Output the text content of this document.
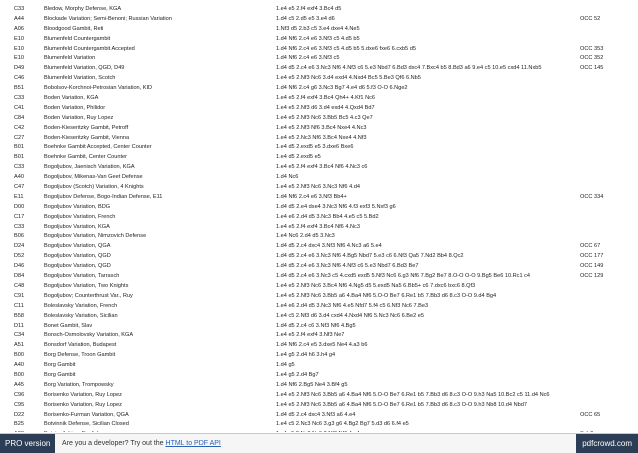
C33	Bledow, Morphy Defense, KGA	1.e4 e5 2.f4 exf4 3.Bc4 d5
A44	Blockade Variation; Semi-Benoni; Russian Variation	1.d4 c5 2.d5 e5 3.e4 d6	OCC 52
A06	Bloodgood Gambit, Reti	1.Nf3 d5 2.b3 c5 3.e4 dxe4 4.Ne5
E10	Blumenfeld Countergambit	1.d4 Nf6 2.c4 e6 3.Nf3 c5 4.d5 b5
E10	Blumenfeld Countergambit Accepted	1.d4 Nf6 2.c4 e6 3.Nf3 c5 4.d5 b5 5.dxe6 fxe6 6.cxb5 d5	OCC 353
E10	Blumenfeld Variation	1.d4 Nf6 2.c4 e6 3.Nf3 c5	OCC 352
D49	Blumenfeld Variation, QGD, D49	1.d4 d5 2.c4 e6 3.Nc3 Nf6 4.Nf3 c6 5.e3 Nbd7 6.Bd3 dxc4 7.Bxc4 b5 8.Bd3 a6 9.e4 c5 10.e5 cxd4 11.Nxb5	OCC 145
C46	Blumenfeld Variation, Scotch	1.e4 e5 2.Nf3 Nc6 3.d4 exd4 4.Nxd4 Bc5 5.Be3 Qf6 6.Nb5
B51	Bobolsov-Korchnoi-Petrosian Variation, KID	1.d4 Nf6 2.c4 g6 3.Nc3 Bg7 4.e4 d6 5.f3 O-O 6.Nge2
C33	Boden Variation, KGA	1.e4 e5 2.f4 exf4 3.Bc4 Qh4+ 4.Kf1 Nc6
C41	Boden Variation, Philidor	1.e4 e5 2.Nf3 d6 3.d4 exd4 4.Qxd4 Bd7
C84	Boden Variation, Ruy Lopez	1.e4 e5 2.Nf3 Nc6 3.Bb5 Bc5 4.c3 Qe7
C42	Boden-Kieseritzky Gambit, Petroff	1.e4 e5 2.Nf3 Nf6 3.Bc4 Nxe4 4.Nc3
C27	Boden-Kieseritzky Gambit, Vienna	1.e4 e5 2.Nc3 Nf6 3.Bc4 Nxe4 4.Nf3
B01	Boehnke Gambit Accepted, Center Counter	1.e4 d5 2.exd5 e5 3.dxe6 Bxe6
B01	Boehnke Gambit, Center Counter	1.e4 d5 2.exd5 e5
C33	Bogoljubov, Jaenisch Variation, KGA	1.e4 e5 2.f4 exf4 3.Bc4 Nf6 4.Nc3 c6
A40	Bogoljubov, Mikenas-Van Geet Defense	1.d4 Nc6
C47	Bogoljubov (Scotch) Variation, 4 Knights	1.e4 e5 2.Nf3 Nc6 3.Nc3 Nf6 4.d4
E11	Bogoljubov Defense, Bogo-Indian Defense, E11	1.d4 Nf6 2.c4 e6 3.Nf3 Bb4+	OCC 334
D00	Bogoljubov Variation, BDG	1.d4 d5 2.e4 dxe4 3.Nc3 Nf6 4.f3 exf3 5.Nxf3 g6
C17	Bogoljubov Variation, French	1.e4 e6 2.d4 d5 3.Nc3 Bb4 4.e5 c5 5.Bd2
C33	Bogoljubov Variation, KGA	1.e4 e5 2.f4 exf4 3.Bc4 Nf6 4.Nc3
B06	Bogoljubov Variation, Nimzovich Defense	1.e4 Nc6 2.d4 d5 3.Nc3
D24	Bogoljubov Variation, QGA	1.d4 d5 2.c4 dxc4 3.Nf3 Nf6 4.Nc3 a6 5.e4	OCC 67
D52	Bogoljubov Variation, QGD	1.d4 d5 2.c4 e6 3.Nc3 Nf6 4.Bg5 Nbd7 5.e3 c6 6.Nf3 Qa5 7.Nd2 Bb4 8.Qc2	OCC 177
D46	Bogoljubov Variation, QGD	1.d4 d5 2.c4 e6 3.Nc3 Nf6 4.Nf3 c6 5.e3 Nbd7 6.Bd3 Be7	OCC 149
D84	Bogoljubov Variation, Tarrasch	1.d4 d5 2.c4 e6 3.Nc3 c5 4.cxd5 exd5 5.Nf3 Nc6 6.g3 Nf6 7.Bg2 Be7 8.O-O O-O 9.Bg5 Be6 10.Rc1 c4	OCC 129
C48	Bogoljubov Variation, Two Knights	1.e4 e5 2.Nf3 Nc6 3.Bc4 Nf6 4.Ng5 d5 5.exd5 Na5 6.Bb5+ c6 7.dxc6 bxc6 8.Qf3
C91	Bogoljubov; Counterthrust Var., Ruy	1.e4 e5 2.Nf3 Nc6 3.Bb5 a6 4.Ba4 Nf6 5.O-O Be7 6.Re1 b5 7.Bb3 d6 8.c3 O-O 9.d4 Bg4
C11	Boleslavsky Variation, French	1.e4 e6 2.d4 d5 3.Nc3 Nf6 4.e5 Nfd7 5.f4 c5 6.Nf3 Nc6 7.Be3
B58	Boleslavsky Variation, Sicilian	1.e4 c5 2.Nf3 d6 3.d4 cxd4 4.Nxd4 Nf6 5.Nc3 Nc6 6.Be2 e5
D11	Bonet Gambit, Slav	1.d4 d5 2.c4 c6 3.Nf3 Nf6 4.Bg5
C34	Bonsch-Osmolovsky Variation, KGA	1.e4 e5 2.f4 exf4 3.Nf3 Ne7
A51	Bonsdorf Variation, Budapest	1.d4 Nf6 2.c4 e5 3.dxe5 Ne4 4.a3 b6
B00	Borg Defense, Troon Gambit	1.e4 g5 2.d4 h6 3.h4 g4
A40	Borg Gambit	1.d4 g5
B00	Borg Gambit	1.e4 g5 2.d4 Bg7
A45	Borg Variation, Trompowsky	1.d4 Nf6 2.Bg5 Ne4 3.Bf4 g5
C96	Borisenko Variation, Ruy Lopez	1.e4 e5 2.Nf3 Nc6 3.Bb5 a6 4.Ba4 Nf6 5.O-O Be7 6.Re1 b5 7.Bb3 d6 8.c3 O-O 9.h3 Na5 10.Bc2 c5 11.d4 Nc6
C95	Borisenko Variation, Ruy Lopez	1.e4 e5 2.Nf3 Nc6 3.Bb5 a6 4.Ba4 Nf6 5.O-O Be7 6.Re1 b5 7.Bb3 d6 8.c3 O-O 9.h3 Nb8 10.d4 Nbd7
D22	Borisenko-Furman Variation, QGA	1.d4 d5 2.c4 dxc4 3.Nf3 a6 4.e4	OCC 65
B25	Botvinnik Defense, Sicilian Closed	1.e4 c5 2.Nc3 Nc6 3.g3 g6 4.Bg2 Bg7 5.d3 d6 6.f4 e5
PRO version	Are you a developer? Try out the HTML to PDF API	pdfcrowd.com
